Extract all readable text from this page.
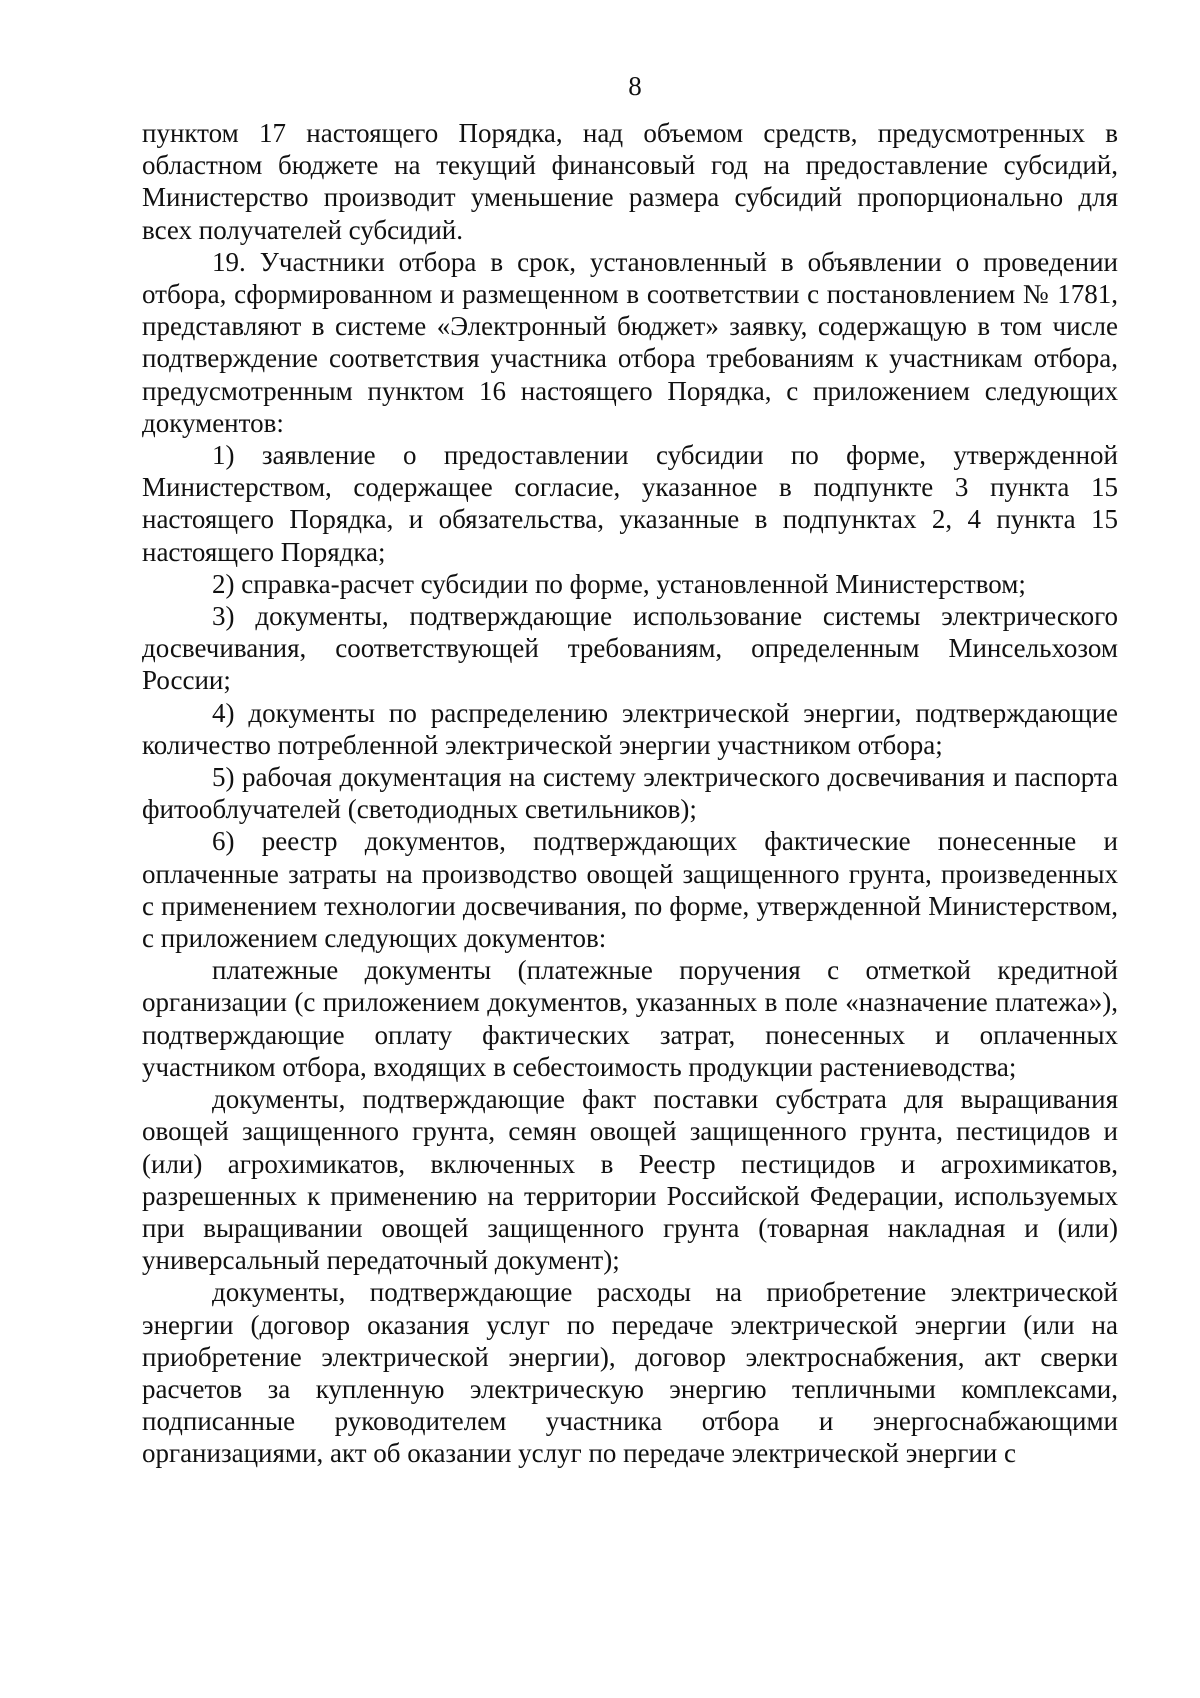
8

пунктом 17 настоящего Порядка, над объемом средств, предусмотренных в областном бюджете на текущий финансовый год на предоставление субсидий, Министерство производит уменьшение размера субсидий пропорционально для всех получателей субсидий.

19. Участники отбора в срок, установленный в объявлении о проведении отбора, сформированном и размещенном в соответствии с постановлением № 1781, представляют в системе «Электронный бюджет» заявку, содержащую в том числе подтверждение соответствия участника отбора требованиям к участникам отбора, предусмотренным пунктом 16 настоящего Порядка, с приложением следующих документов:

1) заявление о предоставлении субсидии по форме, утвержденной Министерством, содержащее согласие, указанное в подпункте 3 пункта 15 настоящего Порядка, и обязательства, указанные в подпунктах 2, 4 пункта 15 настоящего Порядка;

2) справка-расчет субсидии по форме, установленной Министерством;

3) документы, подтверждающие использование системы электрического досвечивания, соответствующей требованиям, определенным Минсельхозом России;

4) документы по распределению электрической энергии, подтверждающие количество потребленной электрической энергии участником отбора;

5) рабочая документация на систему электрического досвечивания и паспорта фитооблучателей (светодиодных светильников);

6) реестр документов, подтверждающих фактические понесенные и оплаченные затраты на производство овощей защищенного грунта, произведенных с применением технологии досвечивания, по форме, утвержденной Министерством, с приложением следующих документов:

платежные документы (платежные поручения с отметкой кредитной организации (с приложением документов, указанных в поле «назначение платежа»), подтверждающие оплату фактических затрат, понесенных и оплаченных участником отбора, входящих в себестоимость продукции растениеводства;

документы, подтверждающие факт поставки субстрата для выращивания овощей защищенного грунта, семян овощей защищенного грунта, пестицидов и (или) агрохимикатов, включенных в Реестр пестицидов и агрохимикатов, разрешенных к применению на территории Российской Федерации, используемых при выращивании овощей защищенного грунта (товарная накладная и (или) универсальный передаточный документ);

документы, подтверждающие расходы на приобретение электрической энергии (договор оказания услуг по передаче электрической энергии (или на приобретение электрической энергии), договор электроснабжения, акт сверки расчетов за купленную электрическую энергию тепличными комплексами, подписанные руководителем участника отбора и энергоснабжающими организациями, акт об оказании услуг по передаче электрической энергии с
